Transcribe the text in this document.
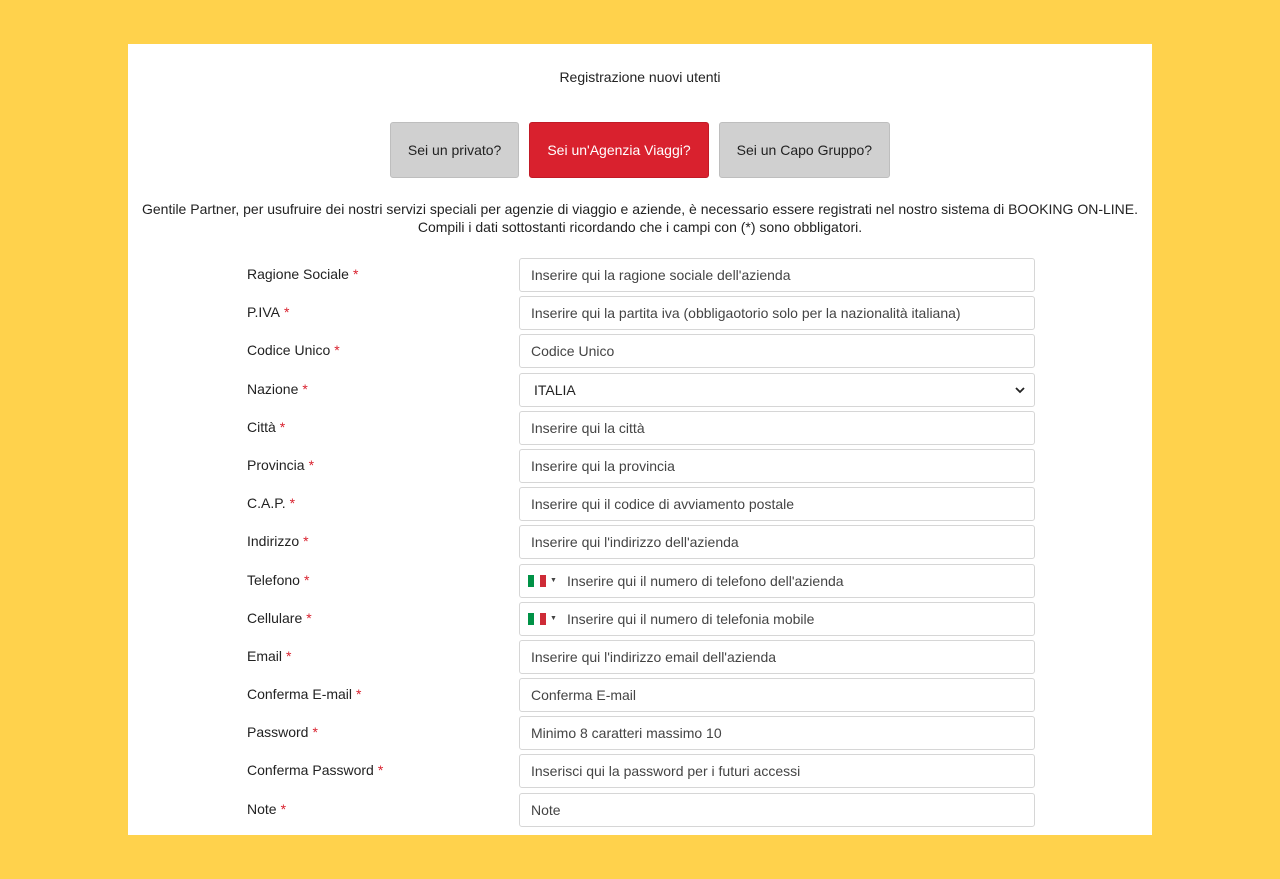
Registrazione nuovi utenti
Sei un privato?	Sei un'Agenzia Viaggi?	Sei un Capo Gruppo?
Gentile Partner, per usufruire dei nostri servizi speciali per agenzie di viaggio e aziende, è necessario essere registrati nel nostro sistema di BOOKING ON-LINE. Compili i dati sottostanti ricordando che i campi con (*) sono obbligatori.
Ragione Sociale *	Inserire qui la ragione sociale dell'azienda
P.IVA *	Inserire qui la partita iva (obbligaotorio solo per la nazionalità italiana)
Codice Unico *	Codice Unico
Nazione *	ITALIA
Città *	Inserire qui la città
Provincia *	Inserire qui la provincia
C.A.P. *	Inserire qui il codice di avviamento postale
Indirizzo *	Inserire qui l'indirizzo dell'azienda
Telefono *	▼ Inserire qui il numero di telefono dell'azienda
Cellulare *	▼ Inserire qui il numero di telefonia mobile
Email *	Inserire qui l'indirizzo email dell'azienda
Conferma E-mail *	Conferma E-mail
Password *	Minimo 8 caratteri massimo 10
Conferma Password *	Inserisci qui la password per i futuri accessi
Note *	Note
